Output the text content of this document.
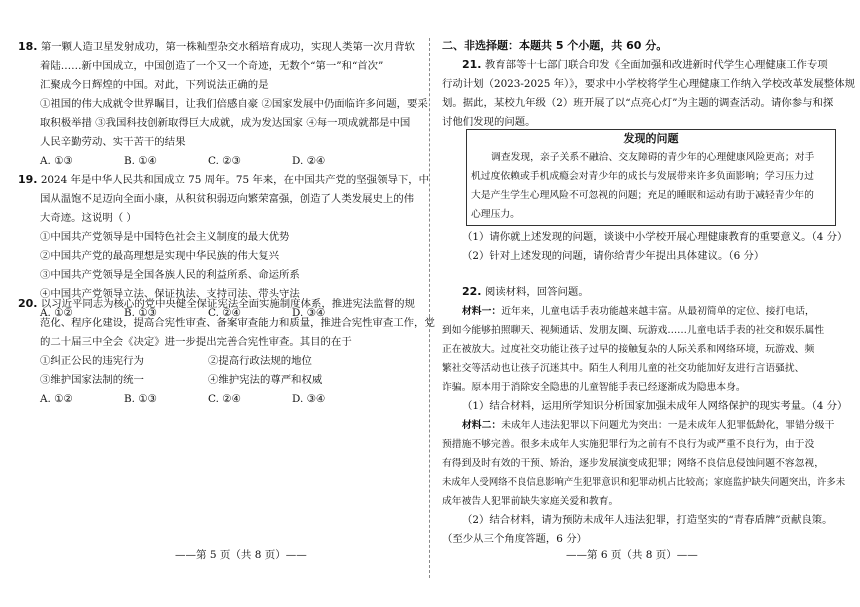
18. 第一颗人造卫星发射成功，第一株籼型杂交水稻培育成功，实现人类第一次月背软
着陆……新中国成立，中国创造了一个又一个奇迹，无数个“第一”和“首次”
汇聚成今日辉煌的中国。对此，下列说法正确的是
①祖国的伟大成就令世界瞩目，让我们倍感自豪 ②国家发展中仍面临许多问题，要采
取积极举措 ③我国科技创新取得巨大成就，成为发达国家 ④每一项成就都是中国
人民辛勤劳动、实干苦干的结果
A. ①③	B. ①④	C. ②③	D. ②④
19. 2024 年是中华人民共和国成立 75 周年。75 年来，在中国共产党的坚强领导下，中
国从温饱不足迈向全面小康，从积贫积弱迈向繁荣富强，创造了人类发展史上的伟
大奇迹。这说明（ ）
①中国共产党领导是中国特色社会主义制度的最大优势
②中国共产党的最高理想是实现中华民族的伟大复兴
③中国共产党领导是全国各族人民的利益所系、命运所系
④中国共产党领导立法、保证执法、支持司法、带头守法
A. ①②	B. ①③	C. ②④	D. ③④
20. 以习近平同志为核心的党中央健全保证宪法全面实施制度体系，推进宪法监督的规
范化、程序化建设，提高合宪性审查、备案审查能力和质量，推进合宪性审查工作，党
的二十届三中全会《决定》进一步提出完善合宪性审查。其目的在于
①纠正公民的违宪行为	②提高行政法规的地位
③维护国家法制的统一	④维护宪法的尊严和权威
A. ①②	B. ①③	C. ②④	D. ③④
——第 5 页（共 8 页）——
二、非选择题：本题共 5 个小题，共 60 分。
21. 教育部等十七部门联合印发《全面加强和改进新时代学生心理健康工作专项
行动计划（2023-2025 年）》，要求中小学校将学生心理健康工作纳入学校改革发展整体规
划。据此，某校九年级（2）班开展了以“点亮心灯”为主题的调查活动。请你参与和探
讨他们发现的问题。
发现的问题
调查发现，亲子关系不融洽、交友障碍的青少年的心理健康风险更高；对手
机过度依赖或手机成瘾会对青少年的成长与发展带来许多负面影响；学习压力过
大是产生学生心理风险不可忽视的问题；充足的睡眠和运动有助于减轻青少年的
心理压力。
（1）请你就上述发现的问题，谈谈中小学校开展心理健康教育的重要意义。（4 分）
（2）针对上述发现的问题，请你给青少年提出具体建议。（6 分）
22. 阅读材料，回答问题。
材料一：近年来，儿童电话手表功能越来越丰富。从最初简单的定位、接打电话，
到如今能够拍照聊天、视频通话、发朋友圈、玩游戏……儿童电话手表的社交和娱乐属性
正在被放大。过度社交功能让孩子过早的接触复杂的人际关系和网络环境，玩游戏、频
繁社交等活动也让孩子沉迷其中。陌生人利用儿童的社交功能加好友进行言语骚扰、
诈骗。原本用于消除安全隐患的儿童智能手表已经逐渐成为隐患本身。
（1）结合材料，运用所学知识分析国家加强未成年人网络保护的现实考量。（4 分）
材料二：未成年人违法犯罪以下问题尤为突出：一是未成年人犯罪低龄化，罪错分级干
预措施不够完善。很多未成年人实施犯罪行为之前有不良行为或严重不良行为，由于没
有得到及时有效的干预、矫治，逐步发展演变成犯罪；网络不良信息侵蚀问题不容忽视，
未成年人受网络不良信息影响产生犯罪意识和犯罪动机占比较高；家庭监护缺失问题突出，许多未
成年被告人犯罪前缺失家庭关爱和教育。
（2）结合材料，请为预防未成年人违法犯罪，打造坚实的“青春盾牌”贡献良策。
（至少从三个角度答题，6 分）
——第 6 页（共 8 页）——
